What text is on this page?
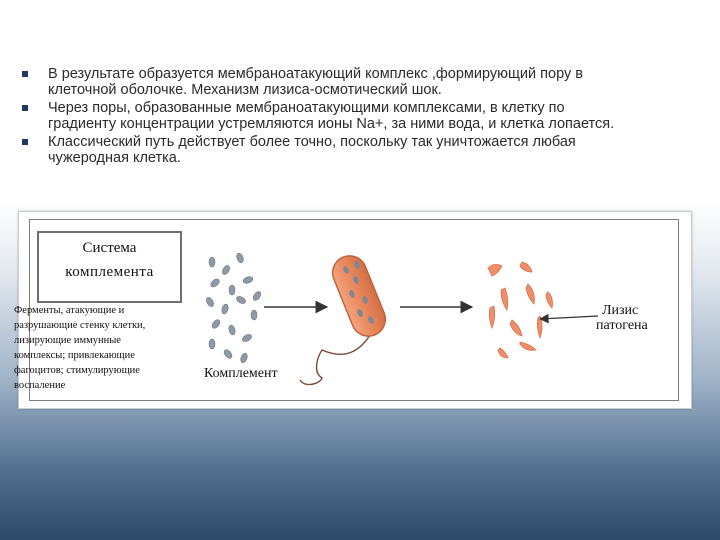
В результате образуется мембраноатакующий комплекс ,формирующий пору в
клеточной оболочке. Механизм лизиса-осмотический шок.
Через поры, образованные мембраноатакующими комплексами, в клетку по
градиенту концентрации устремляются ионы Na+, за ними вода, и клетка лопается.
Классический путь действует более точно, поскольку так уничтожается любая
чужеродная клетка.
Система
комплемента
Ферменты, атакующие и
разрушающие стенку клетки,
лизирующие иммунные
комплексы; привлекающие
фагоцитов; стимулирующие
воспаление
Комплемент
Лизис
патогена
